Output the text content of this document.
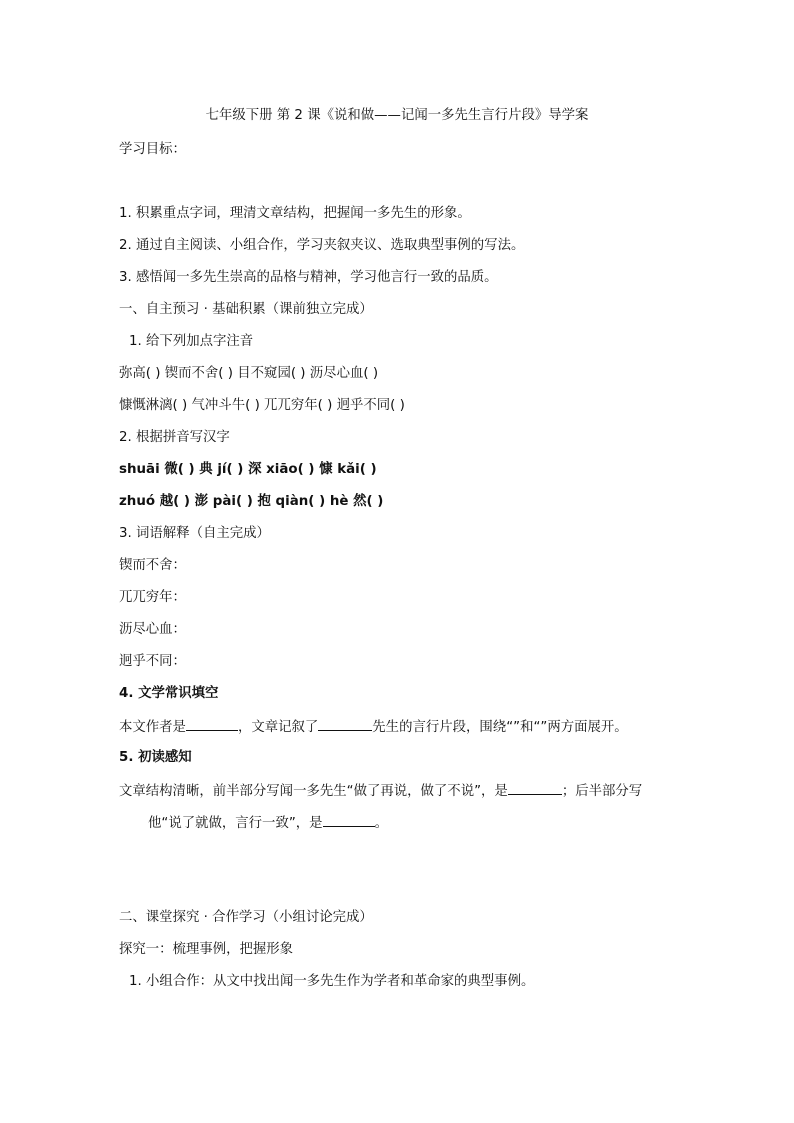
七年级下册 第 2 课《说和做——记闻一多先生言行片段》导学案
学习目标：
1. 积累重点字词，理清文章结构，把握闻一多先生的形象。
2. 通过自主阅读、小组合作，学习夹叙夹议、选取典型事例的写法。
3. 感悟闻一多先生崇高的品格与精神，学习他言行一致的品质。
一、自主预习 · 基础积累（课前独立完成）
1. 给下列加点字注音
弥高( ) 锲而不舍( ) 目不窥园( ) 沥尽心血( )
慷慨淋漓( ) 气冲斗牛( ) 兀兀穷年( ) 迥乎不同( )
2. 根据拼音写汉字
shuāi 微( ) 典 jí( ) 深 xiāo( ) 慷 kǎi( )
zhuó 越( ) 澎 pài( ) 抱 qiàn( ) hè 然( )
3. 词语解释（自主完成）
锲而不舍：
兀兀穷年：
沥尽心血：
迥乎不同：
4. 文学常识填空
本文作者是	，文章记叙了	先生的言行片段，围绕“”和“”两方面展开。
5. 初读感知
文章结构清晰，前半部分写闻一多先生“做了再说，做了不说”，是	；后半部分写
他“说了就做，言行一致”，是	。
二、课堂探究 · 合作学习（小组讨论完成）
探究一：梳理事例，把握形象
1. 小组合作：从文中找出闻一多先生作为学者和革命家的典型事例。
